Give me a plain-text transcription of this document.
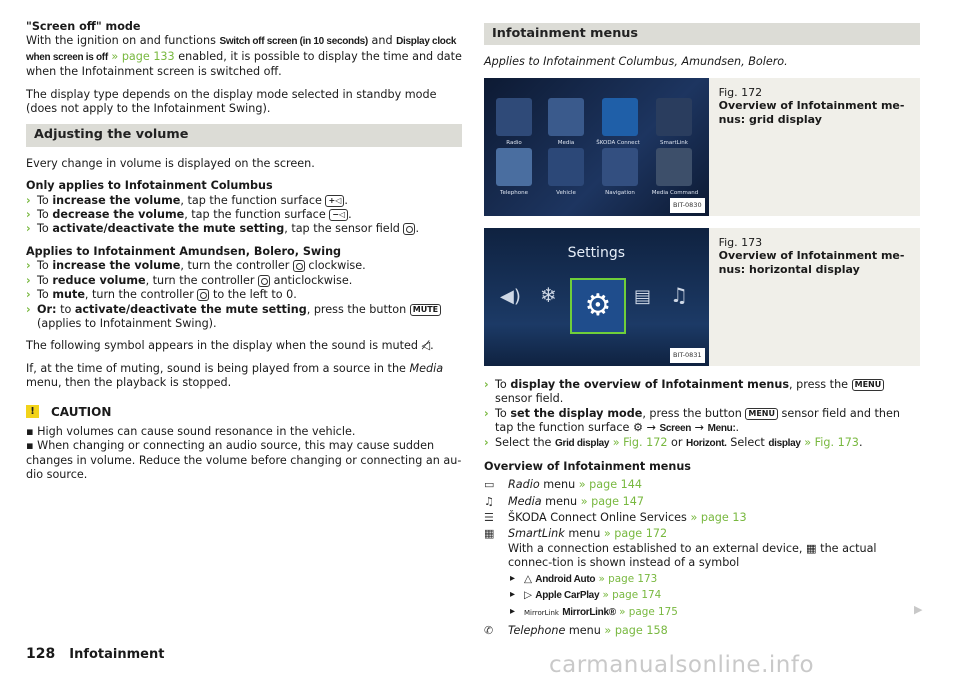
"Screen off" mode

With the ignition on and functions Switch off screen (in 10 seconds) and Display clock when screen is off » page 133 enabled, it is possible to display the time and date when the Infotainment screen is switched off.

The display type depends on the display mode selected in standby mode (does not apply to the Infotainment Swing).

Adjusting the volume

Every change in volume is displayed on the screen.

Only applies to Infotainment Columbus
› To increase the volume, tap the function surface +◁ .
› To decrease the volume, tap the function surface −◁ .
› To activate/deactivate the mute setting, tap the sensor field .
Applies to Infotainment Amundsen, Bolero, Swing
› To increase the volume, turn the controller  clockwise.
› To reduce volume, turn the controller  anticlockwise.
› To mute, turn the controller  to the left to 0.
› Or: to activate/deactivate the mute setting, press the button MUTE (applies to Infotainment Swing).

The following symbol appears in the display when the sound is muted ◁̸.

If, at the time of muting, sound is being played from a source in the Media menu, then the playback is stopped.

!	CAUTION
▪ High volumes can cause sound resonance in the vehicle.
▪ When changing or connecting an audio source, this may cause sudden changes in volume. Reduce the volume before changing or connecting an au-dio source.
Infotainment menus

Applies to Infotainment Columbus, Amundsen, Bolero.

Radio	Media	ŠKODA Connect	SmartLink
Telephone	Vehicle	Navigation	Media Command
BIT-0830
Fig. 172
Overview of Infotainment me-nus: grid display
Settings
⚙
◀) ❄	▤ ♫
BIT-0831
Fig. 173
Overview of Infotainment me-nus: horizontal display
› To display the overview of Infotainment menus, press the MENU sensor field.
› To set the display mode, press the button MENU sensor field and then tap the function surface ⚙ → Screen → Menu:.
› Select the Grid display » Fig. 172 or Horizont. Select display » Fig. 173.
Overview of Infotainment menus
▭	Radio menu » page 144
♫	Media menu » page 147
☰	ŠKODA Connect Online Services » page 13
▦	SmartLink menu » page 172
With a connection established to an external device, ▦ the actual connec-tion is shown instead of a symbol
▸ △ Android Auto » page 173
▸ ▷ Apple CarPlay » page 174
▸ MirrorLink MirrorLink® » page 175
✆	Telephone menu » page 158
▶
128 Infotainment	carmanualsonline.info
